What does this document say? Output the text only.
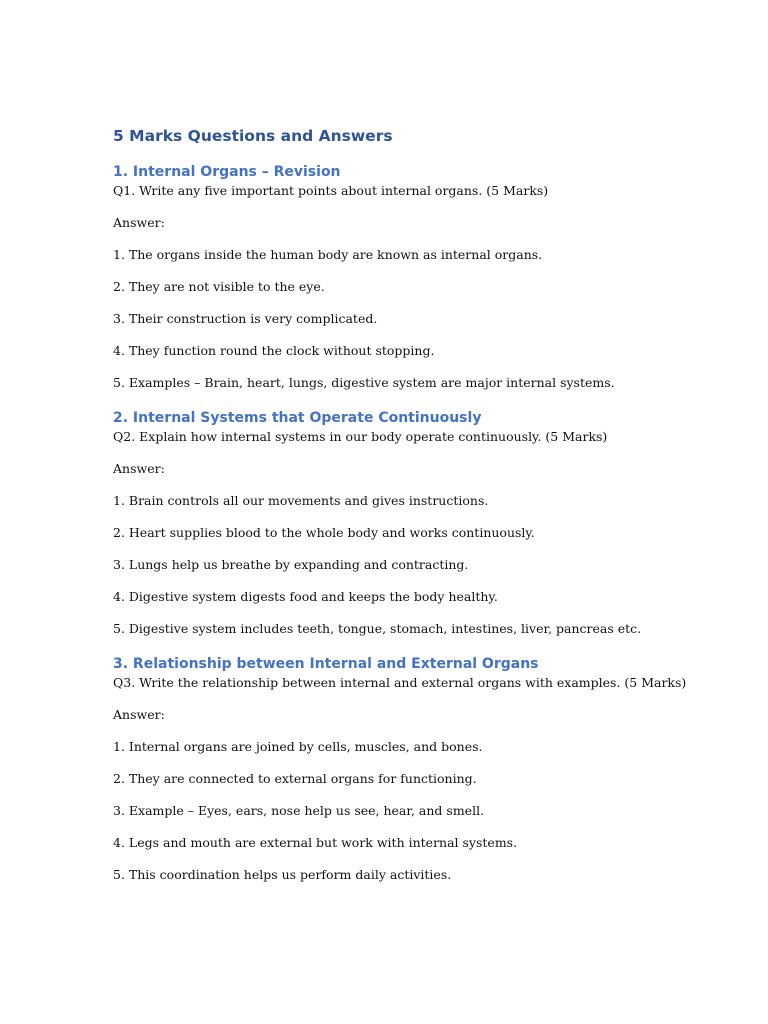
5 Marks Questions and Answers
1. Internal Organs – Revision

Q1. Write any five important points about internal organs. (5 Marks)

Answer:

1. The organs inside the human body are known as internal organs.

2. They are not visible to the eye.

3. Their construction is very complicated.

4. They function round the clock without stopping.

5. Examples – Brain, heart, lungs, digestive system are major internal systems.

2. Internal Systems that Operate Continuously

Q2. Explain how internal systems in our body operate continuously. (5 Marks)

Answer:

1. Brain controls all our movements and gives instructions.

2. Heart supplies blood to the whole body and works continuously.

3. Lungs help us breathe by expanding and contracting.

4. Digestive system digests food and keeps the body healthy.

5. Digestive system includes teeth, tongue, stomach, intestines, liver, pancreas etc.

3. Relationship between Internal and External Organs

Q3. Write the relationship between internal and external organs with examples. (5 Marks)

Answer:

1. Internal organs are joined by cells, muscles, and bones.

2. They are connected to external organs for functioning.

3. Example – Eyes, ears, nose help us see, hear, and smell.

4. Legs and mouth are external but work with internal systems.

5. This coordination helps us perform daily activities.
